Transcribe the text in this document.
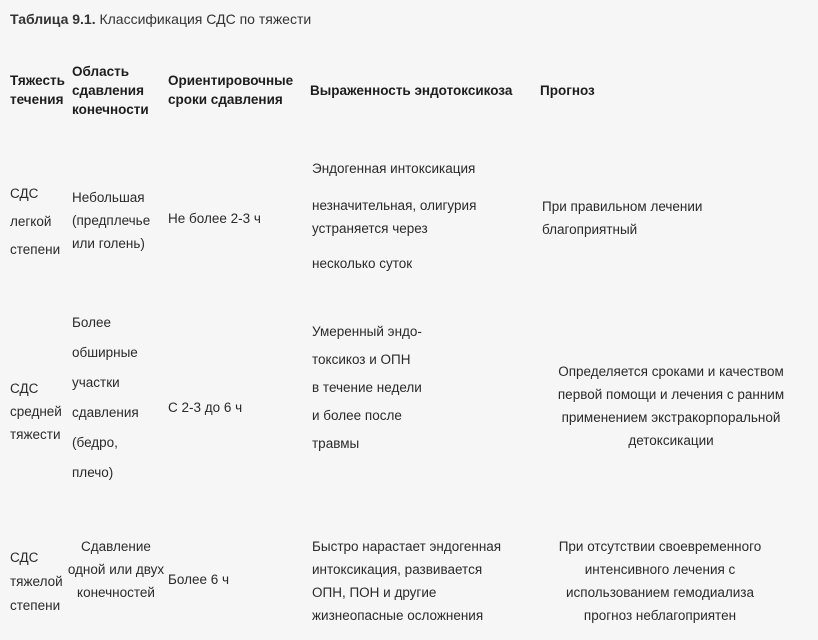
Таблица 9.1. Классификация СДС по тяжести
Тяжесть
течения
Область
сдавления
конечности
Ориентировочные
сроки сдавления
Выраженность эндотоксикоза Прогноз
СДС
легкой
степени
Небольшая
(предплечье
или голень)
Не более 2-3 ч
Эндогенная интоксикация
незначительная, олигурия
устраняется через
несколько суток
При правильном лечении
благоприятный
СДС
средней
тяжести
Более
обширные
участки
сдавления
(бедро,
плечо)
С 2-3 до 6 ч
Умеренный эндо-
токсикоз и ОПН
в течение недели
и более после
травмы
Определяется сроками и качеством
первой помощи и лечения с ранним
применением экстракорпоральной
детоксикации
СДС
тяжелой
степени
Сдавление
одной или двух
конечностей
Более 6 ч
Быстро нарастает эндогенная
интоксикация, развивается
ОПН, ПОН и другие
жизнеопасные осложнения
При отсутствии своевременного
интенсивного лечения с
использованием гемодиализа
прогноз неблагоприятен
